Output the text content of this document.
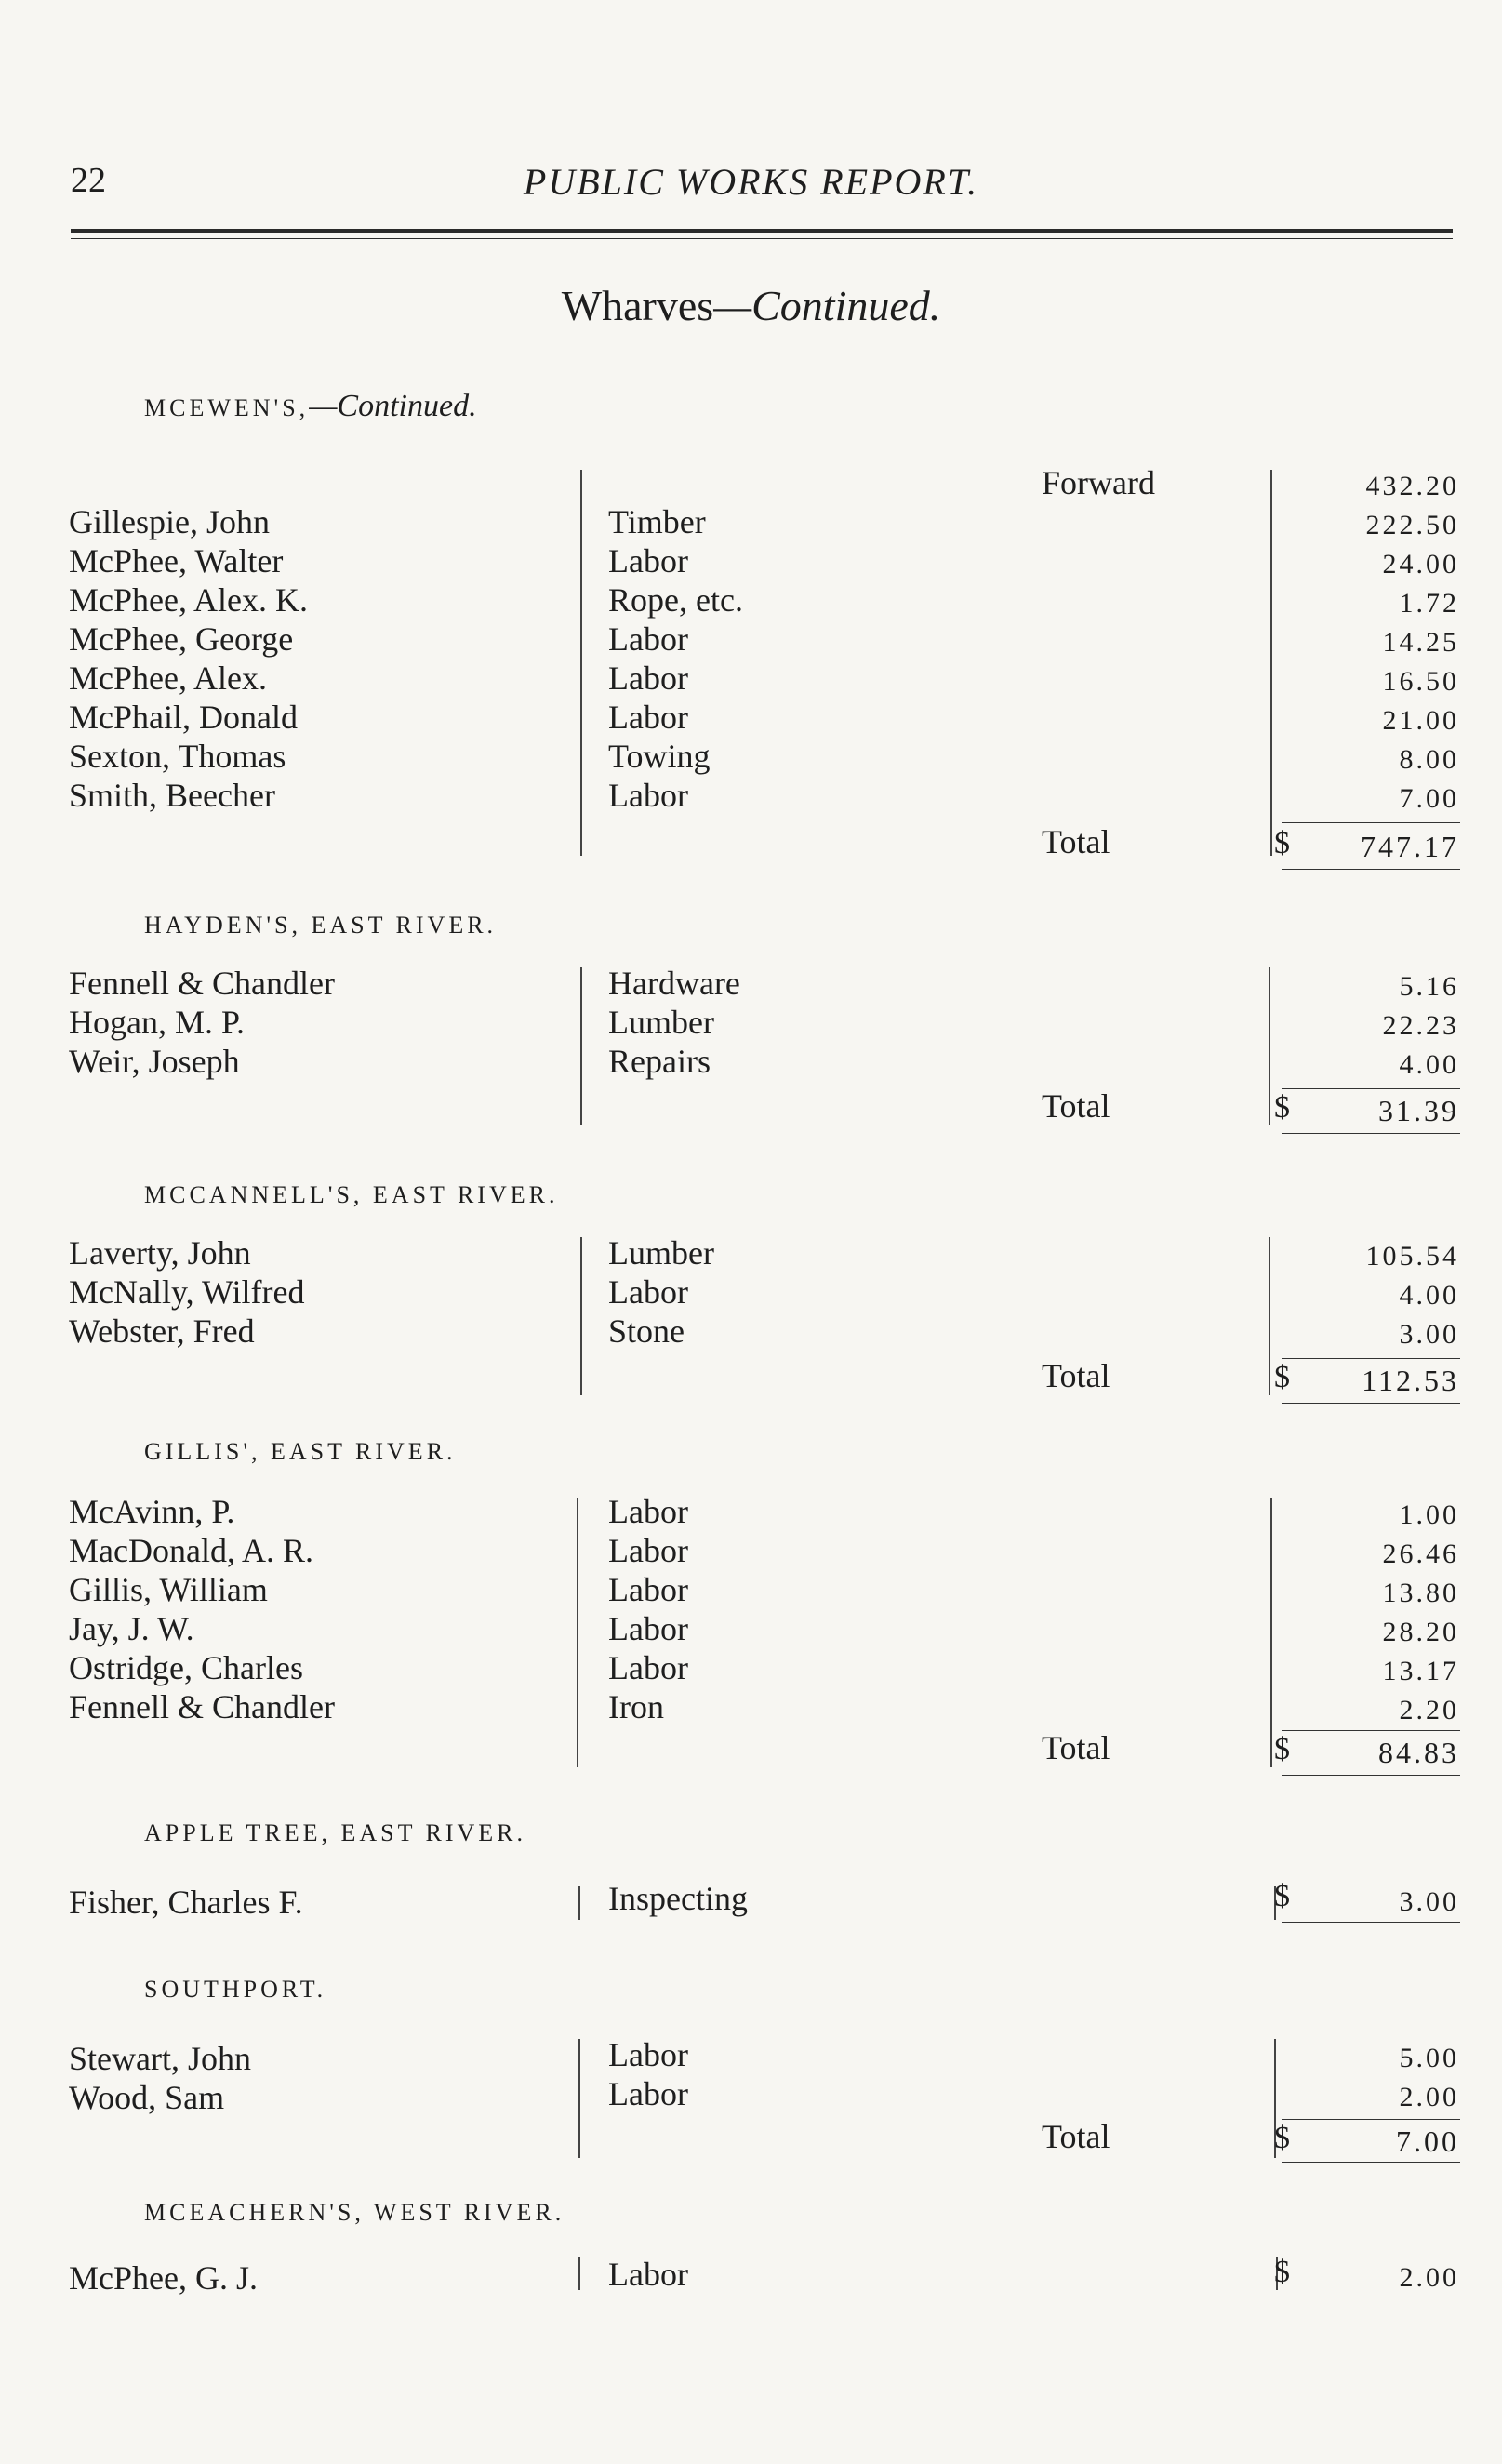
22	PUBLIC WORKS REPORT.
Wharves—Continued.
MCEWEN'S,—Continued.
Forward	432.20
Gillespie, John	Timber	222.50
McPhee, Walter	Labor	24.00
McPhee, Alex. K.	Rope, etc.	1.72
McPhee, George	Labor	14.25
McPhee, Alex.	Labor	16.50
McPhail, Donald	Labor	21.00
Sexton, Thomas	Towing	8.00
Smith, Beecher	Labor	7.00
Total	$ 747.17
HAYDEN'S, EAST RIVER.
Fennell & Chandler	Hardware	5.16
Hogan, M. P.	Lumber	22.23
Weir, Joseph	Repairs	4.00
Total	$	31.39
MCCANNELL'S, EAST RIVER.
Laverty, John	Lumber	105.54
McNally, Wilfred	Labor	4.00
Webster, Fred	Stone	3.00
Total	$ 112.53
GILLIS', EAST RIVER.
McAvinn, P.	Labor	1.00
MacDonald, A. R.	Labor	26.46
Gillis, William	Labor	13.80
Jay, J. W.	Labor	28.20
Ostridge, Charles	Labor	13.17
Fennell & Chandler	Iron	2.20
Total	$	84.83
APPLE TREE, EAST RIVER.
Fisher, Charles F.	Inspecting	$	3.00
SOUTHPORT.
Stewart, John	Labor	5.00
Wood, Sam	Labor	2.00
Total	$	7.00
MCEACHERN'S, WEST RIVER.
McPhee, G. J.	Labor	$	2.00
